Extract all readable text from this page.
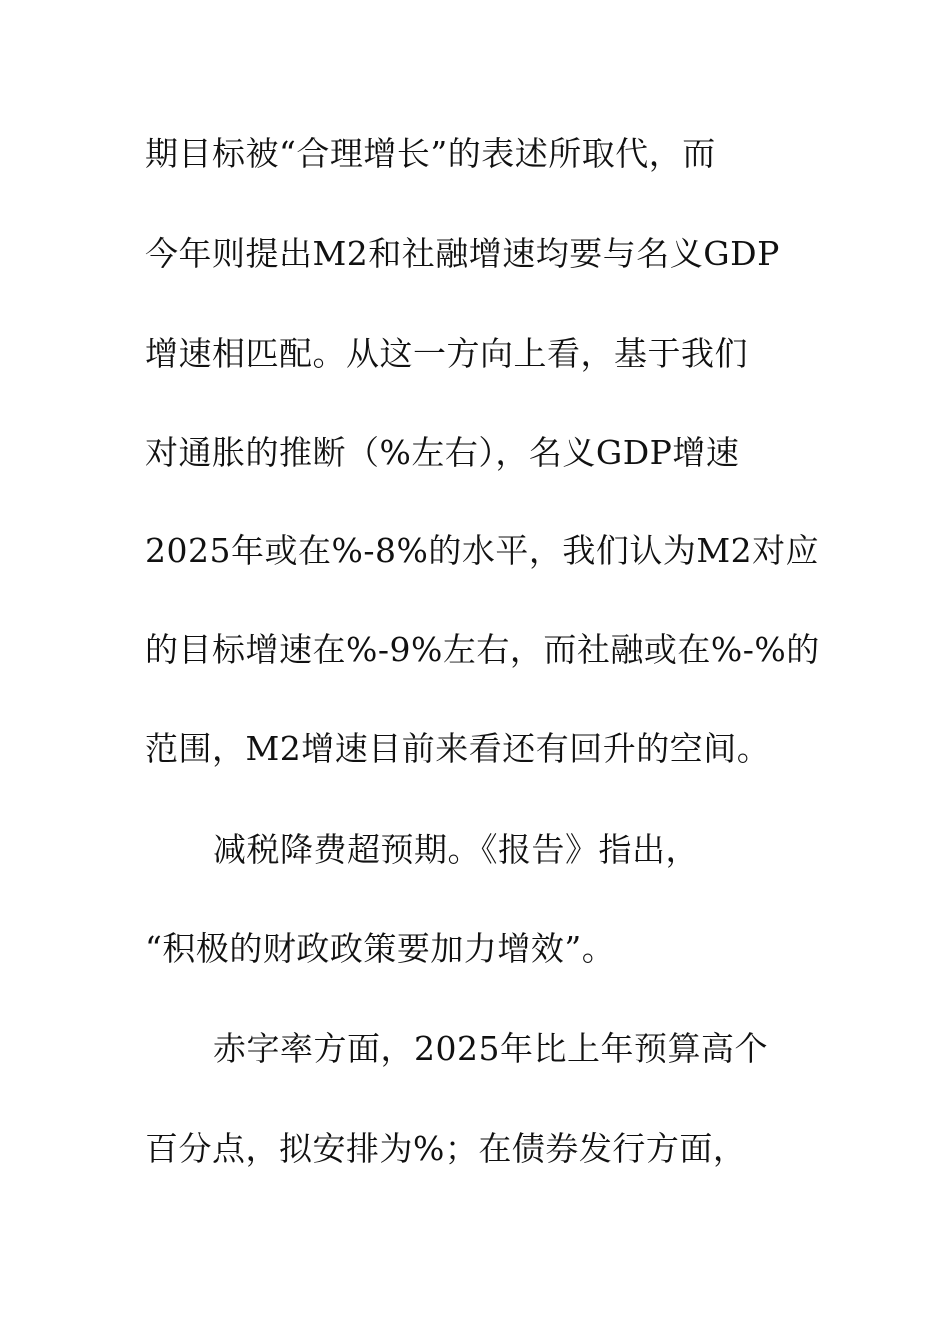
期目标被“合理增长”的表述所取代，而
今年则提出M2和社融增速均要与名义GDP
增速相匹配。从这一方向上看，基于我们
对通胀的推断（%左右），名义GDP增速
2025年或在%-8%的水平，我们认为M2对应
的目标增速在%-9%左右，而社融或在%-%的
范围，M2增速目前来看还有回升的空间。
减税降费超预期。《报告》指出，
“积极的财政政策要加力增效”。
赤字率方面，2025年比上年预算高个
百分点，拟安排为%；在债券发行方面，
